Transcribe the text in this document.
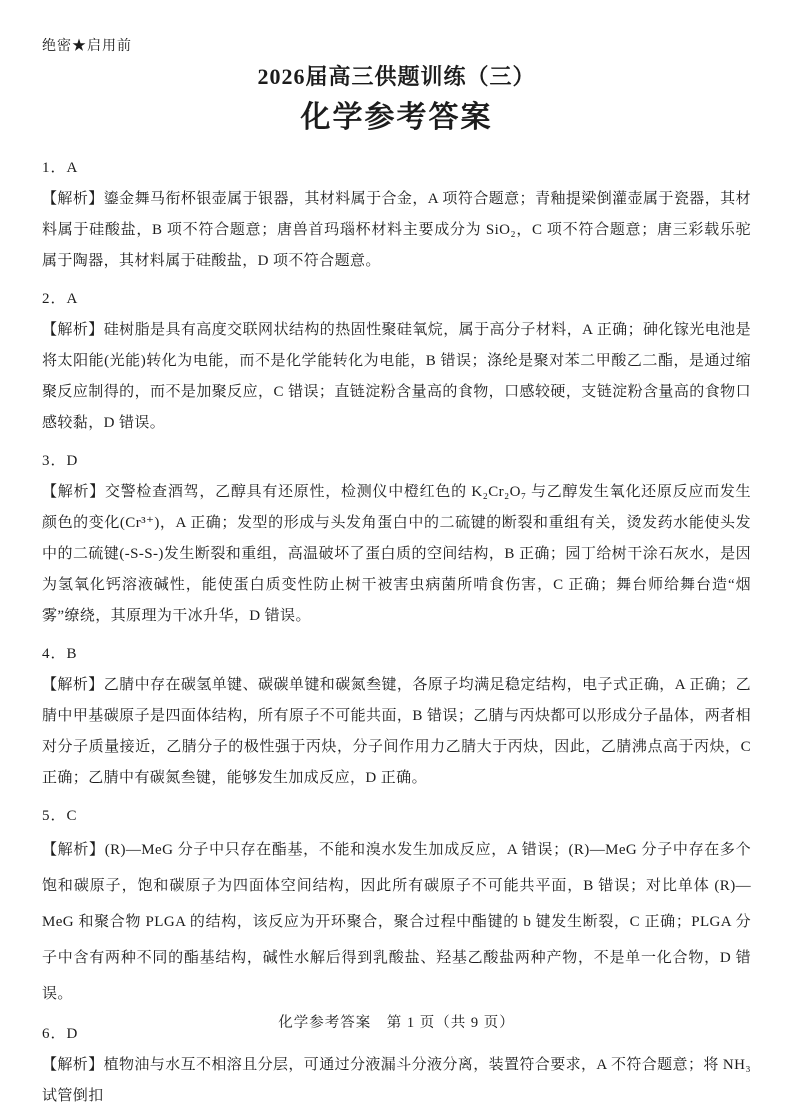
绝密★启用前
2026届高三供题训练（三）
化学参考答案
1．A

【解析】鎏金舞马衔杯银壶属于银器，其材料属于合金，A 项符合题意；青釉提梁倒灌壶属于瓷器，其材料属于硅酸盐，B 项不符合题意；唐兽首玛瑙杯材料主要成分为 SiO₂，C 项不符合题意；唐三彩载乐驼属于陶器，其材料属于硅酸盐，D 项不符合题意。

2．A

【解析】硅树脂是具有高度交联网状结构的热固性聚硅氧烷，属于高分子材料，A 正确；砷化镓光电池是将太阳能(光能)转化为电能，而不是化学能转化为电能，B 错误；涤纶是聚对苯二甲酸乙二酯，是通过缩聚反应制得的，而不是加聚反应，C 错误；直链淀粉含量高的食物，口感较硬，支链淀粉含量高的食物口感较黏，D 错误。

3．D

【解析】交警检查酒驾，乙醇具有还原性，检测仪中橙红色的 K₂Cr₂O₇ 与乙醇发生氧化还原反应而发生颜色的变化(Cr³⁺)，A 正确；发型的形成与头发角蛋白中的二硫键的断裂和重组有关，烫发药水能使头发中的二硫键(-S-S-)发生断裂和重组，高温破坏了蛋白质的空间结构，B 正确；园丁给树干涂石灰水，是因为氢氧化钙溶液碱性，能使蛋白质变性防止树干被害虫病菌所啃食伤害，C 正确；舞台师给舞台造“烟雾”缭绕，其原理为干冰升华，D 错误。

4．B

【解析】乙腈中存在碳氢单键、碳碳单键和碳氮叁键，各原子均满足稳定结构，电子式正确，A 正确；乙腈中甲基碳原子是四面体结构，所有原子不可能共面，B 错误；乙腈与丙炔都可以形成分子晶体，两者相对分子质量接近，乙腈分子的极性强于丙炔，分子间作用力乙腈大于丙炔，因此，乙腈沸点高于丙炔，C 正确；乙腈中有碳氮叁键，能够发生加成反应，D 正确。

5．C

【解析】(R)—MeG 分子中只存在酯基，不能和溴水发生加成反应，A 错误；(R)—MeG 分子中存在多个饱和碳原子，饱和碳原子为四面体空间结构，因此所有碳原子不可能共平面，B 错误；对比单体 (R)—MeG 和聚合物 PLGA 的结构，该反应为开环聚合，聚合过程中酯键的 b 键发生断裂，C 正确；PLGA 分子中含有两种不同的酯基结构，碱性水解后得到乳酸盐、羟基乙酸盐两种产物，不是单一化合物，D 错误。

6．D

【解析】植物油与水互不相溶且分层，可通过分液漏斗分液分离，装置符合要求，A 不符合题意；将 NH₃ 试管倒扣

化学参考答案　第 1 页（共 9 页）
